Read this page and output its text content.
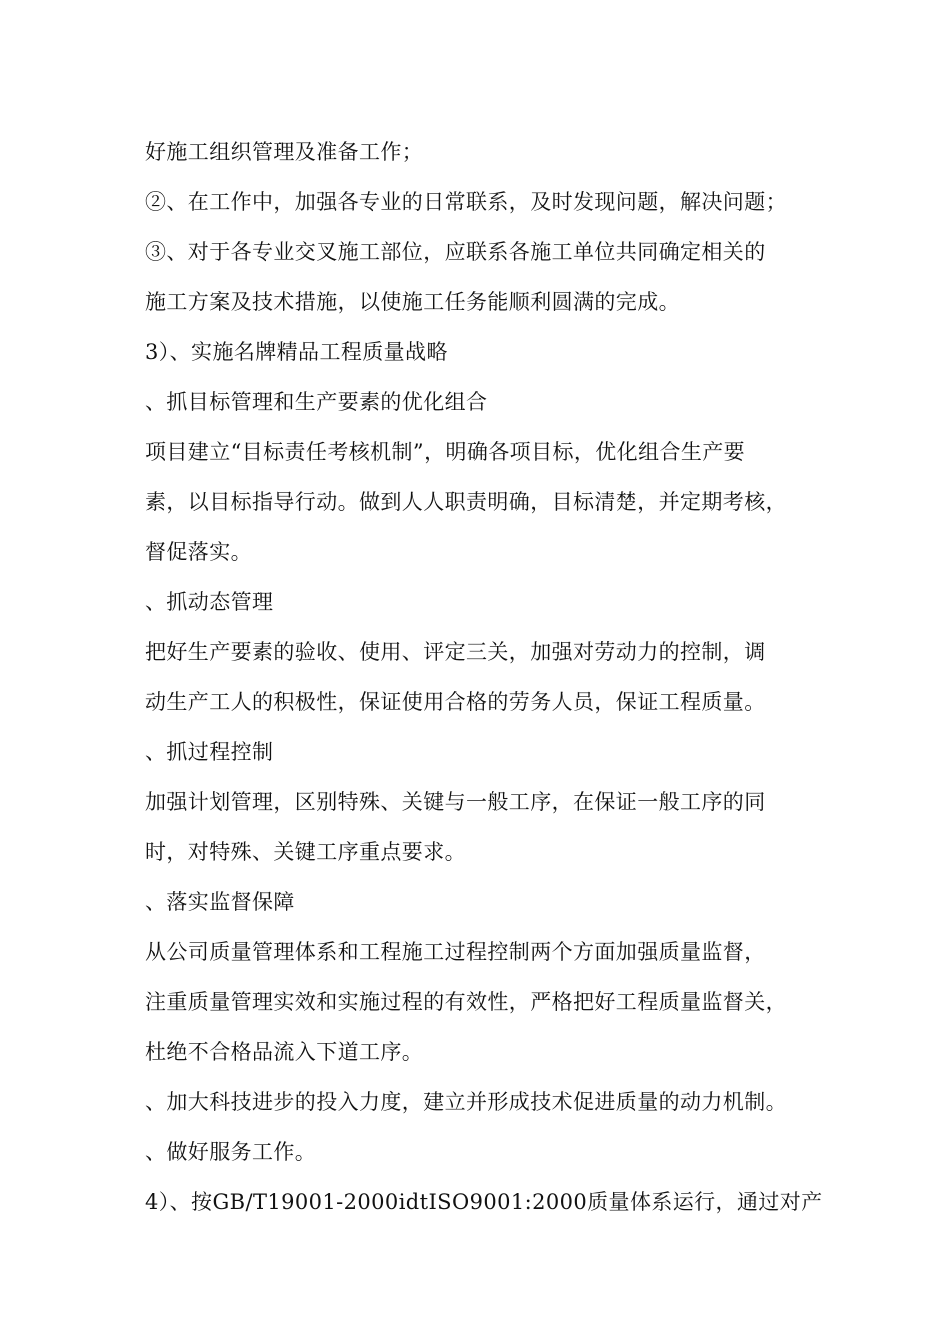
好施工组织管理及准备工作；
②、在工作中，加强各专业的日常联系，及时发现问题，解决问题；
③、对于各专业交叉施工部位，应联系各施工单位共同确定相关的
施工方案及技术措施，以使施工任务能顺利圆满的完成。
3）、实施名牌精品工程质量战略
、抓目标管理和生产要素的优化组合
项目建立“目标责任考核机制”，明确各项目标，优化组合生产要
素，以目标指导行动。做到人人职责明确，目标清楚，并定期考核，
督促落实。
、抓动态管理
把好生产要素的验收、使用、评定三关，加强对劳动力的控制，调
动生产工人的积极性，保证使用合格的劳务人员，保证工程质量。
、抓过程控制
加强计划管理，区别特殊、关键与一般工序，在保证一般工序的同
时，对特殊、关键工序重点要求。
、落实监督保障
从公司质量管理体系和工程施工过程控制两个方面加强质量监督，
注重质量管理实效和实施过程的有效性，严格把好工程质量监督关，
杜绝不合格品流入下道工序。
、加大科技进步的投入力度，建立并形成技术促进质量的动力机制。
、做好服务工作。
4）、按GB/T19001-2000idtISO9001:2000质量体系运行，通过对产
